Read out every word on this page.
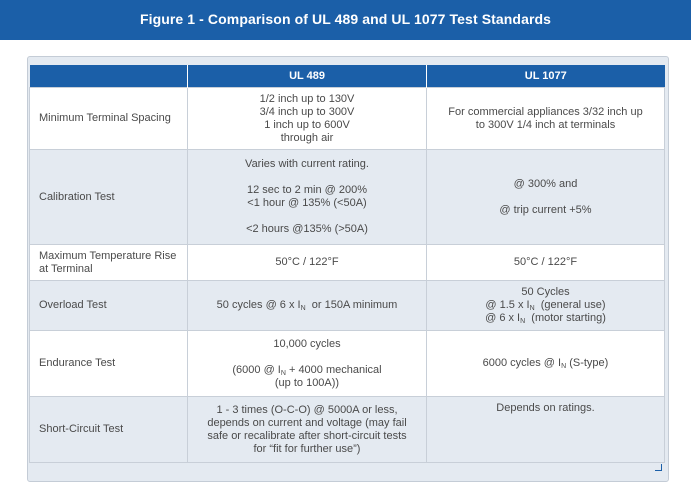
Figure 1 - Comparison of UL 489 and UL 1077 Test Standards
	UL 489	UL 1077
Minimum Terminal Spacing	1/2 inch up to 130V
3/4 inch up to 300V
1 inch up to 600V
through air	For commercial appliances 3/32 inch up
to 300V 1/4 inch at terminals

Calibration Test	Varies with current rating.
12 sec to 2 min @ 200%
<1 hour @ 135% (<50A)
<2 hours @135% (>50A)	@ 300% and
@ trip current +5%

Maximum Temperature Rise at Terminal	50°C / 122°F	50°C / 122°F
Overload Test	50 cycles @ 6 x $I_N$  or 150A minimum	50 Cycles
@ 1.5 x $I_N$  (general use)
@ 6 x $I_N$  (motor starting)

Endurance Test	10,000 cycles
(6000 @ $I_N + 4000$ mechanical
(up to 100A))	6000 cycles @ $I_N$ (S-type)

Short-Circuit Test	1 - 3 times (O-C-O) @ 5000A or less,
depends on current and voltage (may fail
safe or recalibrate after short-circuit tests
for “fit for further use”)	Depends on ratings.
